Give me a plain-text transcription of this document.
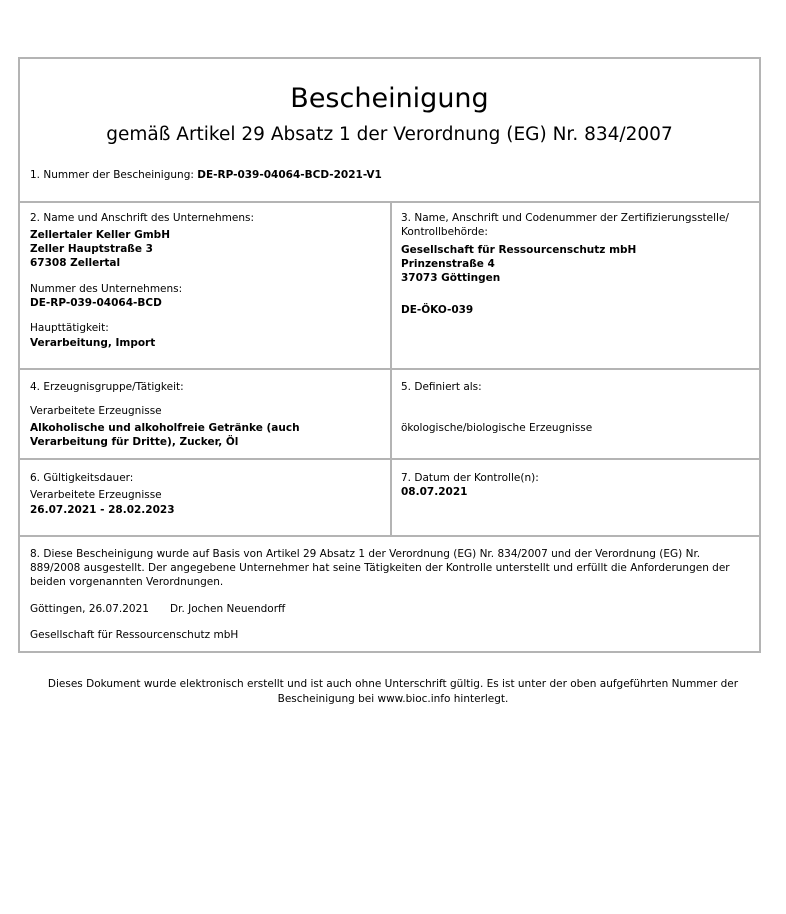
Bescheinigung
gemäß Artikel 29 Absatz 1 der Verordnung (EG) Nr. 834/2007
1. Nummer der Bescheinigung: DE-RP-039-04064-BCD-2021-V1
2. Name und Anschrift des Unternehmens:
Zellertaler Keller GmbH
Zeller Hauptstraße 3
67308 Zellertal
Nummer des Unternehmens:
DE-RP-039-04064-BCD
Haupttätigkeit:
Verarbeitung, Import
3. Name, Anschrift und Codenummer der Zertifizierungsstelle/
Kontrollbehörde:
Gesellschaft für Ressourcenschutz mbH
Prinzenstraße 4
37073 Göttingen
DE-ÖKO-039
4. Erzeugnisgruppe/Tätigkeit:
Verarbeitete Erzeugnisse
Alkoholische und alkoholfreie Getränke (auch
Verarbeitung für Dritte), Zucker, Öl
5. Definiert als:
ökologische/biologische Erzeugnisse
6. Gültigkeitsdauer:
Verarbeitete Erzeugnisse
26.07.2021 - 28.02.2023
7. Datum der Kontrolle(n):
08.07.2021
8. Diese Bescheinigung wurde auf Basis von Artikel 29 Absatz 1 der Verordnung (EG) Nr. 834/2007 und der Verordnung (EG) Nr.
889/2008 ausgestellt. Der angegebene Unternehmer hat seine Tätigkeiten der Kontrolle unterstellt und erfüllt die Anforderungen der
beiden vorgenannten Verordnungen.
Göttingen, 26.07.2021 Dr. Jochen Neuendorff
Gesellschaft für Ressourcenschutz mbH
Dieses Dokument wurde elektronisch erstellt und ist auch ohne Unterschrift gültig. Es ist unter der oben aufgeführten Nummer der
Bescheinigung bei www.bioc.info hinterlegt.
